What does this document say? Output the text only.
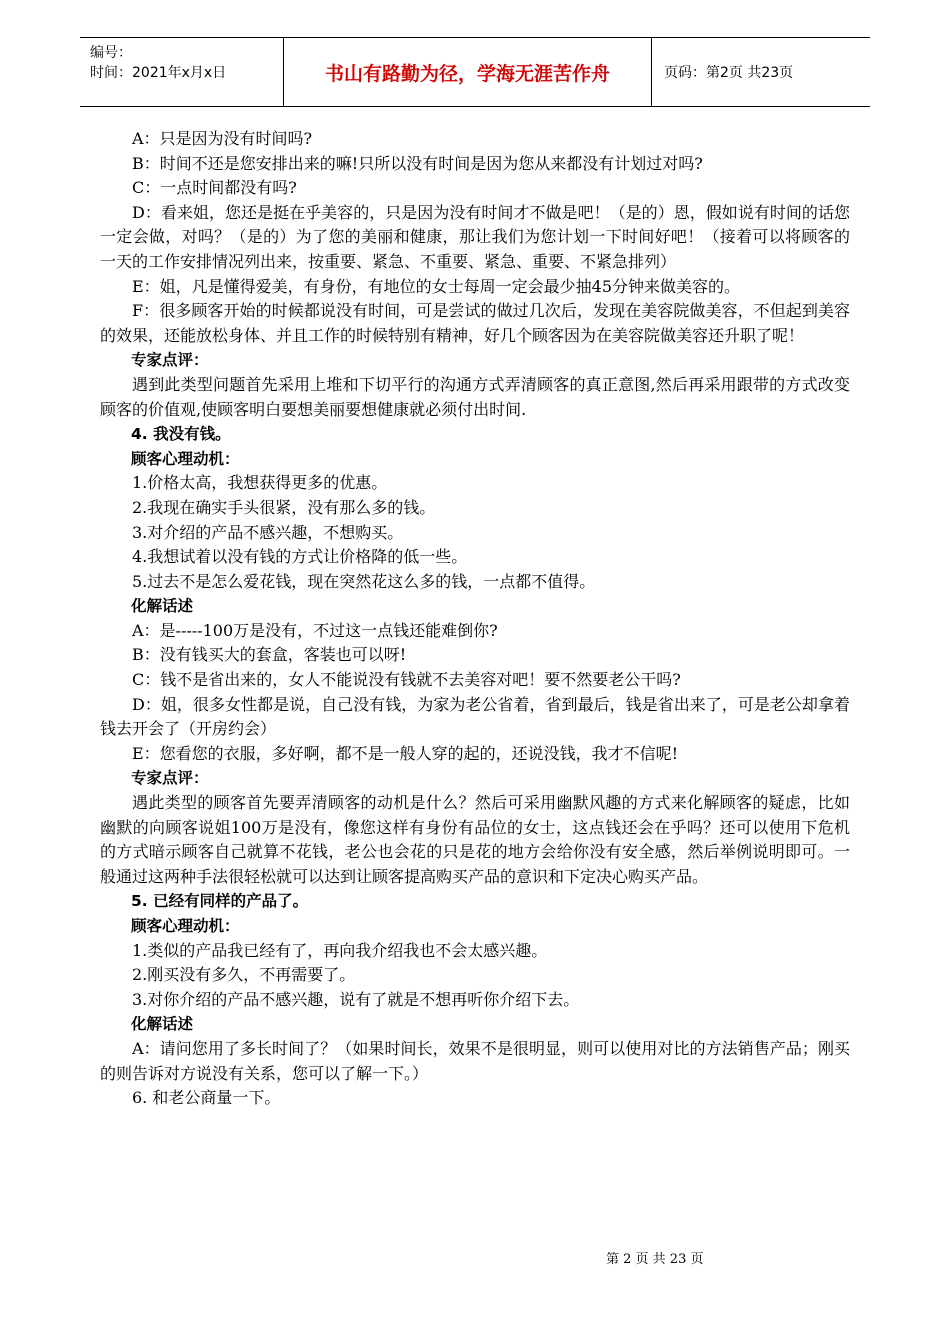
编号：
时间：2021年x月x日	书山有路勤为径，学海无涯苦作舟	页码：第2页 共23页

A：只是因为没有时间吗?

B：时间不还是您安排出来的嘛!只所以没有时间是因为您从来都没有计划过对吗?

C：一点时间都没有吗?

D：看来姐，您还是挺在乎美容的，只是因为没有时间才不做是吧！（是的）恩，假如说有时间的话您一定会做，对吗？（是的）为了您的美丽和健康，那让我们为您计划一下时间好吧！（接着可以将顾客的一天的工作安排情况列出来，按重要、紧急、不重要、紧急、重要、不紧急排列）

E：姐，凡是懂得爱美，有身份，有地位的女士每周一定会最少抽45分钟来做美容的。

F：很多顾客开始的时候都说没有时间，可是尝试的做过几次后，发现在美容院做美容，不但起到美容的效果，还能放松身体、并且工作的时候特别有精神，好几个顾客因为在美容院做美容还升职了呢！

专家点评：

遇到此类型问题首先采用上堆和下切平行的沟通方式弄清顾客的真正意图,然后再采用跟带的方式改变顾客的价值观,使顾客明白要想美丽要想健康就必须付出时间.

4. 我没有钱。

顾客心理动机：

1.价格太高，我想获得更多的优惠。

2.我现在确实手头很紧，没有那么多的钱。

3.对介绍的产品不感兴趣，不想购买。

4.我想试着以没有钱的方式让价格降的低一些。

5.过去不是怎么爱花钱，现在突然花这么多的钱，一点都不值得。

化解话述

A：是-----100万是没有，不过这一点钱还能难倒你?

B：没有钱买大的套盒，客装也可以呀!

C：钱不是省出来的，女人不能说没有钱就不去美容对吧！要不然要老公干吗?

D：姐，很多女性都是说，自己没有钱，为家为老公省着，省到最后，钱是省出来了，可是老公却拿着钱去开会了（开房约会）

E：您看您的衣服，多好啊，都不是一般人穿的起的，还说没钱，我才不信呢!

专家点评：

遇此类型的顾客首先要弄清顾客的动机是什么？然后可采用幽默风趣的方式来化解顾客的疑虑，比如幽默的向顾客说姐100万是没有，像您这样有身份有品位的女士，这点钱还会在乎吗？还可以使用下危机的方式暗示顾客自己就算不花钱，老公也会花的只是花的地方会给你没有安全感，然后举例说明即可。一般通过这两种手法很轻松就可以达到让顾客提高购买产品的意识和下定决心购买产品。

5. 已经有同样的产品了。

顾客心理动机：

1.类似的产品我已经有了，再向我介绍我也不会太感兴趣。

2.刚买没有多久，不再需要了。

3.对你介绍的产品不感兴趣，说有了就是不想再听你介绍下去。

化解话述

A：请问您用了多长时间了？（如果时间长，效果不是很明显，则可以使用对比的方法销售产品；刚买的则告诉对方说没有关系，您可以了解一下。）

6. 和老公商量一下。

第 2 页 共 23 页
